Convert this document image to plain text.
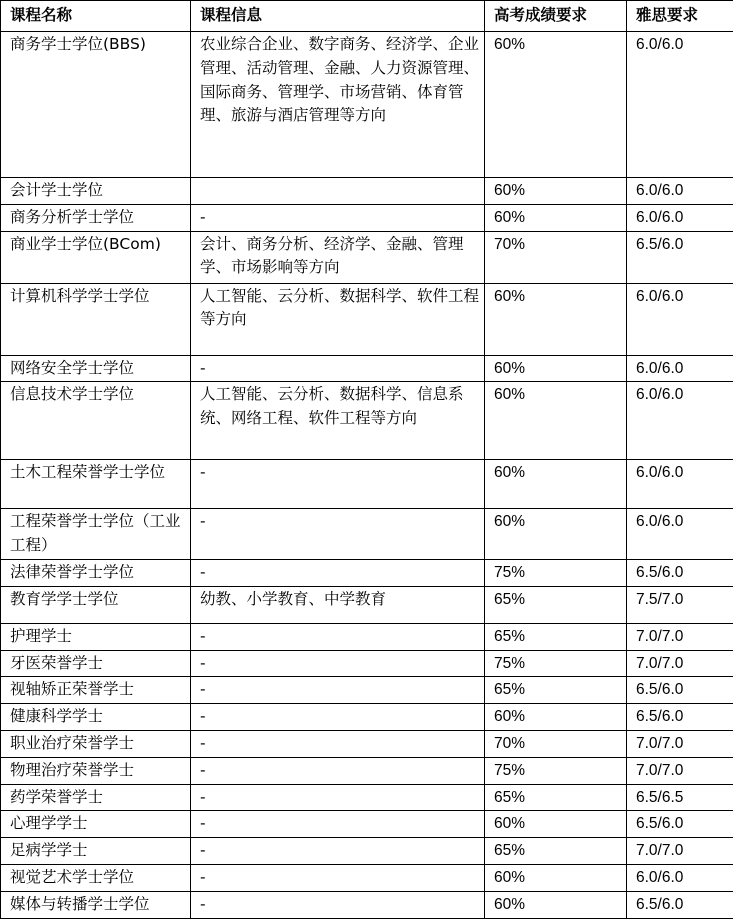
课程名称	课程信息	高考成绩要求	雅思要求
商务学士学位(BBS)	农业综合企业、数字商务、经济学、企业管理、活动管理、金融、人力资源管理、国际商务、管理学、市场营销、体育管理、旅游与酒店管理等方向	60%	6.0/6.0
会计学士学位		60%	6.0/6.0
商务分析学士学位	-	60%	6.0/6.0
商业学士学位(BCom)	会计、商务分析、经济学、金融、管理学、市场影响等方向	70%	6.5/6.0
计算机科学学士学位	人工智能、云分析、数据科学、软件工程等方向	60%	6.0/6.0
网络安全学士学位	-	60%	6.0/6.0
信息技术学士学位	人工智能、云分析、数据科学、信息系统、网络工程、软件工程等方向	60%	6.0/6.0
土木工程荣誉学士学位	-	60%	6.0/6.0
工程荣誉学士学位（工业工程）	-	60%	6.0/6.0
法律荣誉学士学位	-	75%	6.5/6.0
教育学学士学位	幼教、小学教育、中学教育	65%	7.5/7.0
护理学士	-	65%	7.0/7.0
牙医荣誉学士	-	75%	7.0/7.0
视轴矫正荣誉学士	-	65%	6.5/6.0
健康科学学士	-	60%	6.5/6.0
职业治疗荣誉学士	-	70%	7.0/7.0
物理治疗荣誉学士	-	75%	7.0/7.0
药学荣誉学士	-	65%	6.5/6.5
心理学学士	-	60%	6.5/6.0
足病学学士	-	65%	7.0/7.0
视觉艺术学士学位	-	60%	6.0/6.0
媒体与转播学士学位	-	60%	6.5/6.0
